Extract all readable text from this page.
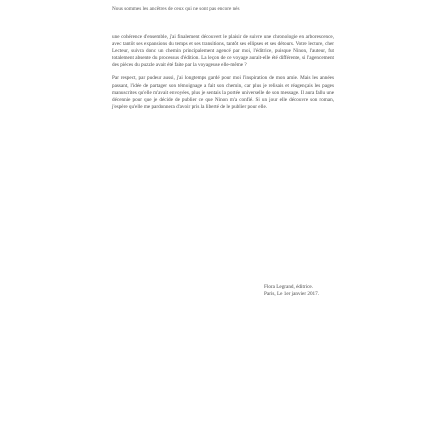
Nous sommes les ancêtres de ceux qui ne sont pas encore nés

une cohérence d'ensemble, j'ai finalement découvert le plaisir de suivre une chronologie en arborescence, avec tantôt ses expansions du temps et ses transitions, tantôt ses ellipses et ses détours. Votre lecture, cher Lecteur, suivra donc un chemin principalement agencé par moi, l'éditrice, puisque Ninon, l'auteur, fut totalement absente du processus d'édition. La leçon de ce voyage aurait-elle été différente, si l'agencement des pièces du puzzle avait été faite par la voyageuse elle-même ?

Par respect, par pudeur aussi, j'ai longtemps gardé pour moi l'inspiration de mon amie. Mais les années passant, l'idée de partager son témoignage a fait son chemin, car plus je relisais et réagençais les pages manuscrites qu'elle m'avait envoyées, plus je sentais la portée universelle de son message. Il aura fallu une décennie pour que je décide de publier ce que Ninon m'a confié. Si un jour elle découvre son roman, j'espère qu'elle me pardonnera d'avoir pris la liberté de le publier pour elle.

Flora Legrand, éditrice.
Paris, Le 1er janvier 2017.
